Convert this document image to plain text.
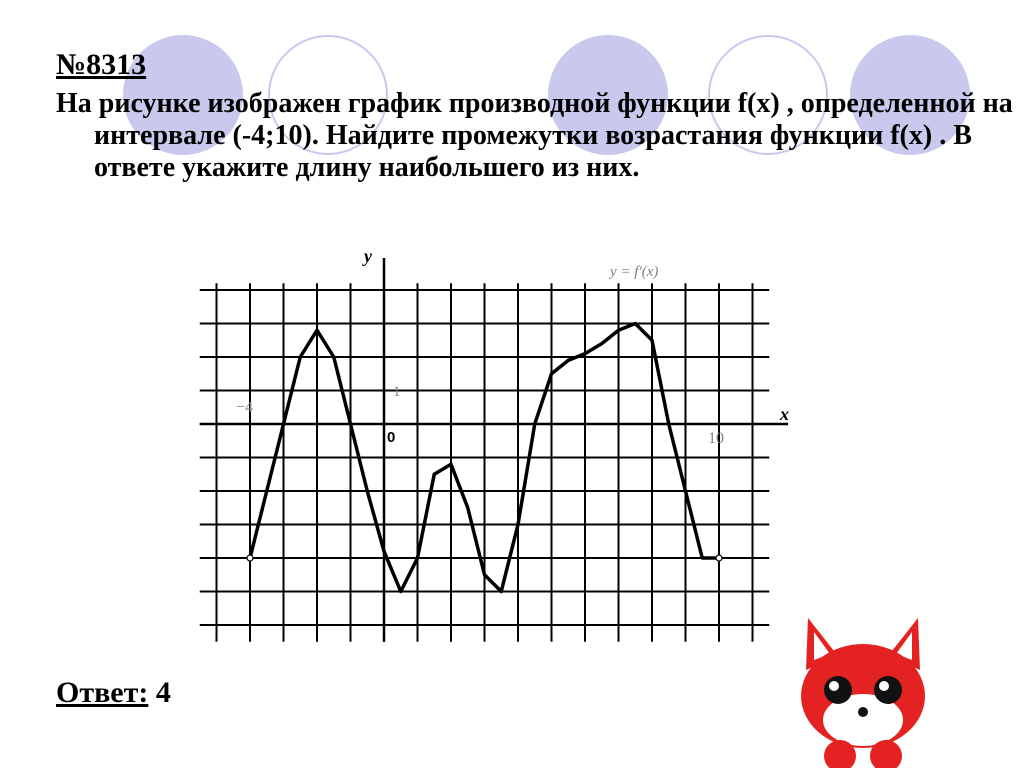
№8313

На рисунке изображен график производной функции f(x) , определенной на интервале (-4;10). Найдите промежутки возрастания функции f(x) . В ответе укажите длину наибольшего из них.

y = f′(x)
y
x
−4
10
0
1
Ответ: 4
